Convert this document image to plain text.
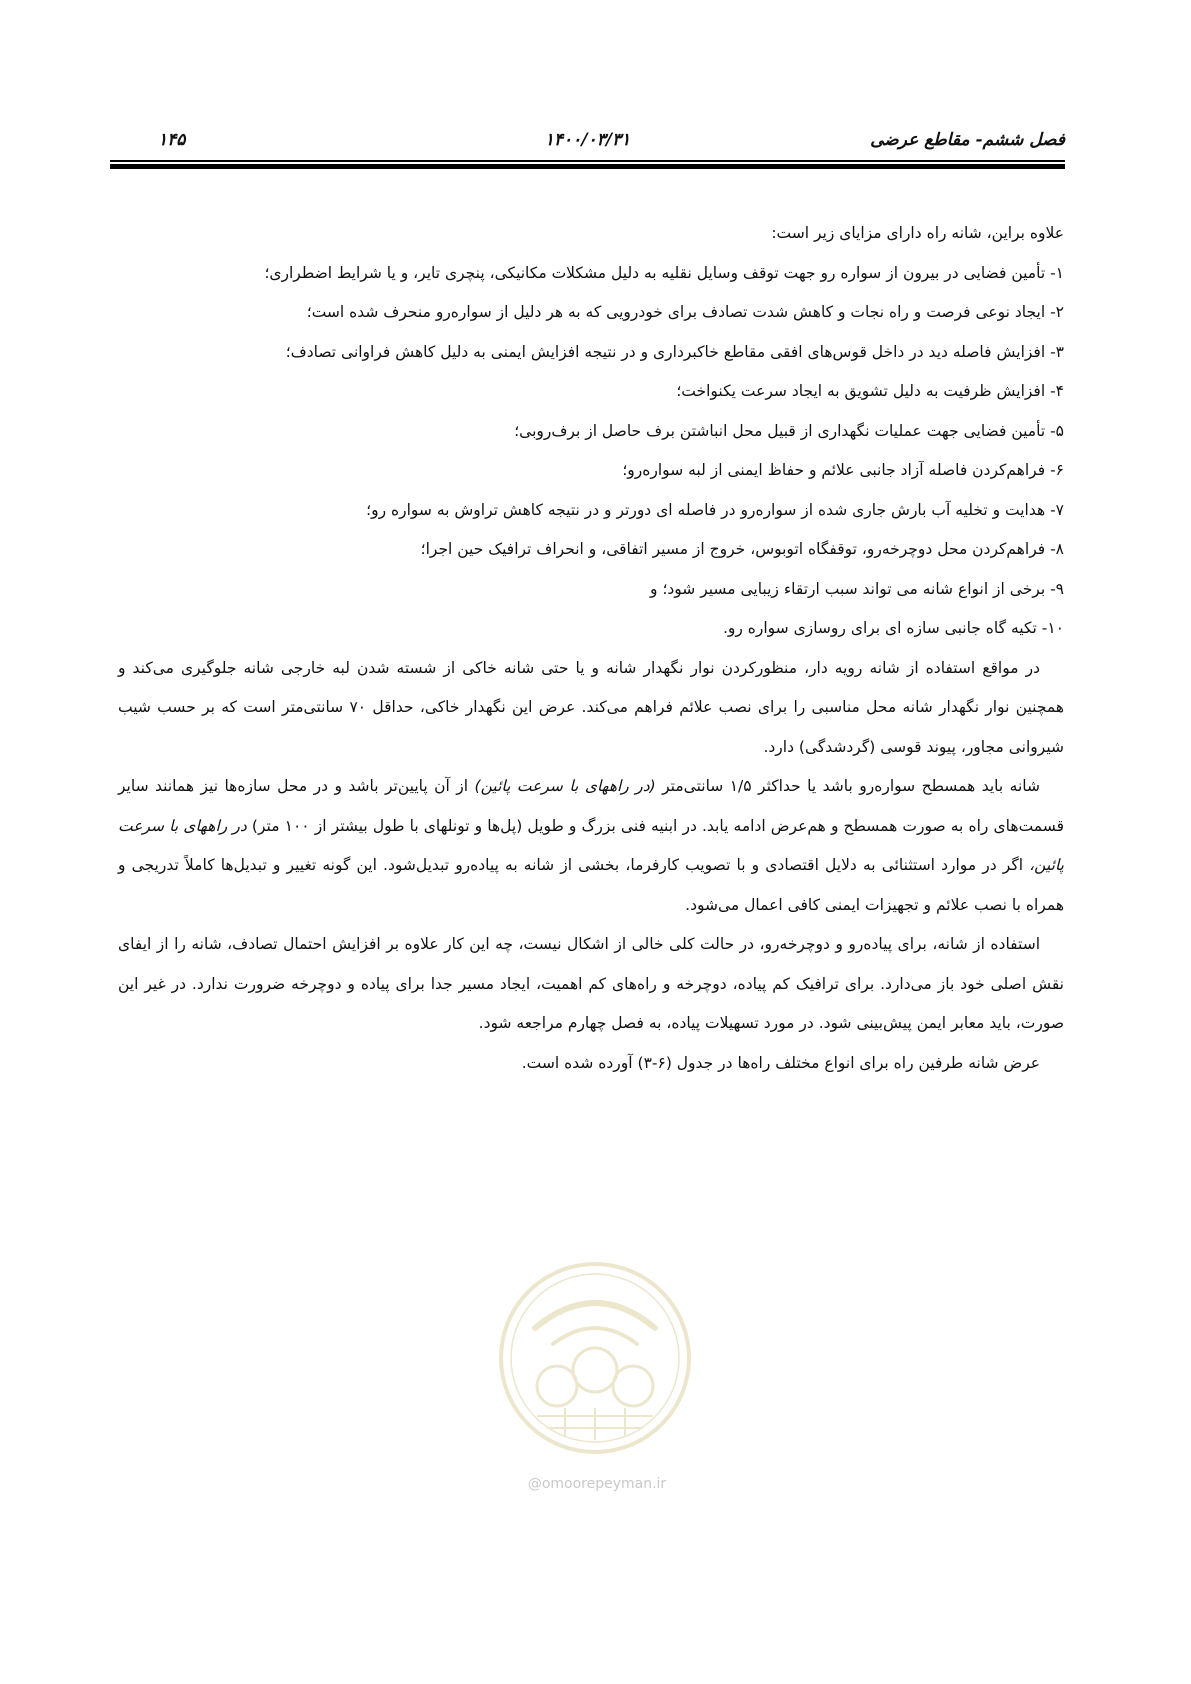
فصل ششم- مقاطع عرضی
۱۴۰۰/۰۳/۳۱
۱۴۵

علاوه براین، شانه راه دارای مزایای زیر است:

۱- تأمین فضایی در بیرون از سواره رو جهت توقف وسایل نقلیه به دلیل مشکلات مکانیکی، پنچری تایر، و یا شرایط اضطراری؛

۲- ایجاد نوعی فرصت و راه نجات و کاهش شدت تصادف برای خودرویی که به هر دلیل از سواره‌رو منحرف شده است؛

۳- افزایش فاصله دید در داخل قوس‌های افقی مقاطع خاکبرداری و در نتیجه افزایش ایمنی به دلیل کاهش فراوانی تصادف؛

۴- افزایش ظرفیت به دلیل تشویق به ایجاد سرعت یکنواخت؛

۵- تأمین فضایی جهت عملیات نگهداری از قبیل محل انباشتن برف حاصل از برف‌روبی؛

۶- فراهم‌کردن فاصله آزاد جانبی علائم و حفاظ ایمنی از لبه سواره‌رو؛

۷- هدایت و تخلیه آب بارش جاری شده از سواره‌رو در فاصله ای دورتر و در نتیجه کاهش تراوش به سواره رو؛

۸- فراهم‌کردن محل دوچرخه‌رو، توقفگاه اتوبوس، خروج از مسیر اتفاقی، و انحراف ترافیک حین اجرا؛

۹- برخی از انواع شانه می تواند سبب ارتقاء زیبایی مسیر شود؛ و

۱۰- تکیه گاه جانبی سازه ای برای روسازی سواره رو.

در مواقع استفاده از شانه رویه دار، منظورکردن نوار نگهدار شانه و یا حتی شانه خاکی از شسته شدن لبه خارجی شانه جلوگیری می‌کند و همچنین نوار نگهدار شانه محل مناسبی را برای نصب علائم فراهم می‌کند. عرض این نگهدار خاکی، حداقل ۷۰ سانتی‌متر است که بر حسب شیب شیروانی مجاور، پیوند قوسی (گردشدگی) دارد.

شانه باید همسطح سواره‌رو باشد یا حداکثر ۱/۵ سانتی‌متر (در راههای با سرعت پائین) از آن پایین‌تر باشد و در محل سازه‌ها نیز همانند سایر قسمت‌های راه به صورت همسطح و هم‌عرض ادامه یابد. در ابنیه فنی بزرگ و طویل (پل‌ها و تونلهای با طول بیشتر از ۱۰۰ متر) در راههای با سرعت پائین، اگر در موارد استثنائی به دلایل اقتصادی و با تصویب کارفرما، بخشی از شانه به پیاده‌رو تبدیل‌شود. این گونه تغییر و تبدیل‌ها کاملاً تدریجی و همراه با نصب علائم و تجهیزات ایمنی کافی اعمال می‌شود.

استفاده از شانه، برای پیاده‌رو و دوچرخه‌رو، در حالت کلی خالی از اشکال نیست، چه این کار علاوه بر افزایش احتمال تصادف، شانه را از ایفای نقش اصلی خود باز می‌دارد. برای ترافیک کم پیاده، دوچرخه و راه‌های کم اهمیت، ایجاد مسیر جدا برای پیاده و دوچرخه ضرورت ندارد. در غیر این صورت، باید معابر ایمن پیش‌بینی شود. در مورد تسهیلات پیاده، به فصل چهارم مراجعه شود.

عرض شانه طرفین راه برای انواع مختلف راه‌ها در جدول (۶-۳) آورده شده است.

@omoorepeyman.ir
